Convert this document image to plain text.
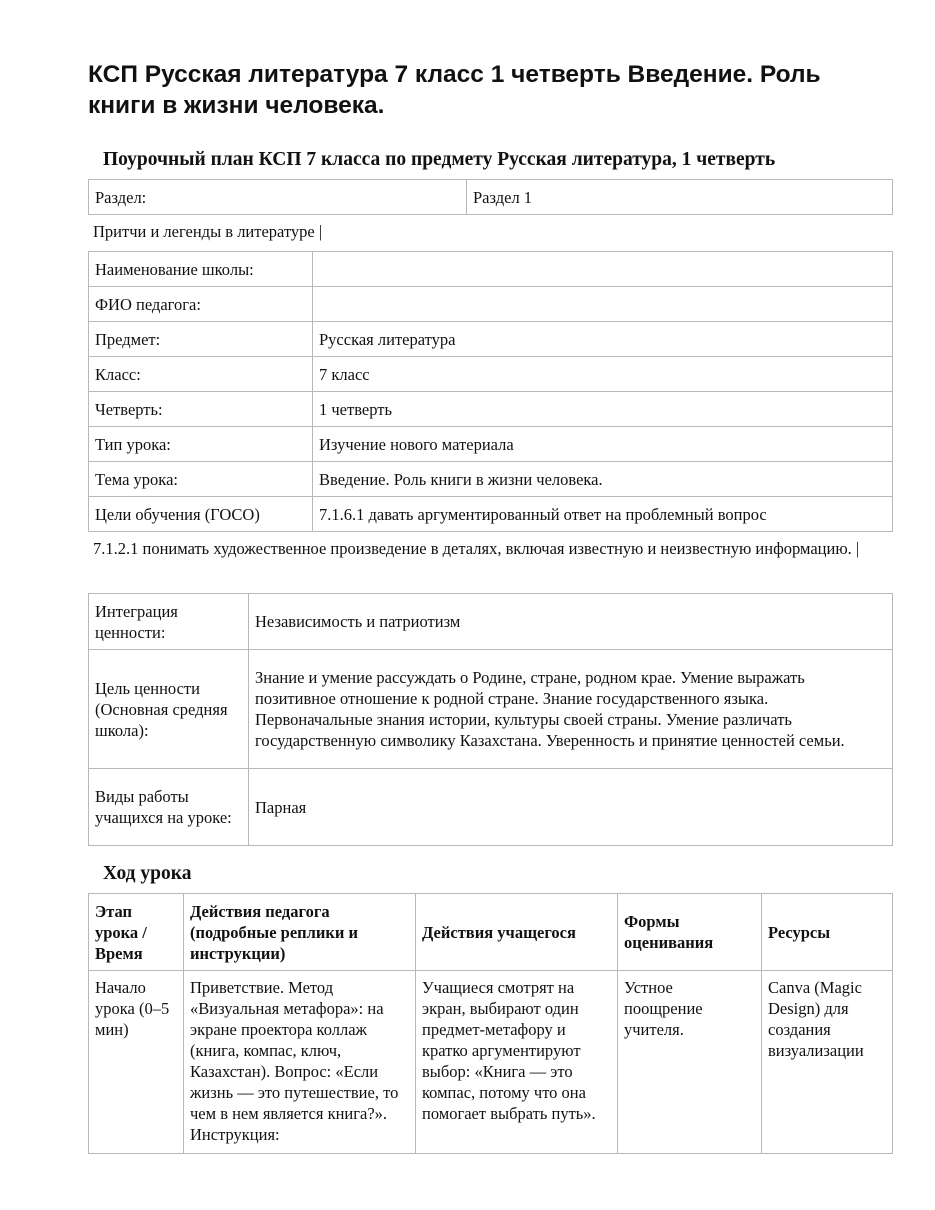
КСП Русская литература 7 класс 1 четверть Введение. Роль книги в жизни человека.
Поурочный план КСП 7 класса по предмету Русская литература, 1 четверть
Раздел:	Раздел 1
Притчи и легенды в литературе |
Наименование школы:	
ФИО педагога:	
Предмет:	Русская литература
Класс:	7 класс
Четверть:	1 четверть
Тип урока:	Изучение нового материала
Тема урока:	Введение. Роль книги в жизни человека.
Цели обучения (ГОСО)	7.1.6.1 давать аргументированный ответ на проблемный вопрос
7.1.2.1 понимать художественное произведение в деталях, включая известную и неизвестную информацию. |
Интеграция ценности:	Независимость и патриотизм
Цель ценности (Основная средняя школа):	Знание и умение рассуждать о Родине, стране, родном крае. Умение выражать позитивное отношение к родной стране. Знание государственного языка. Первоначальные знания истории, культуры своей страны. Умение различать государственную символику Казахстана. Уверенность и принятие ценностей семьи.
Виды работы учащихся на уроке:	Парная
Ход урока
Этап урока / Время	Действия педагога (подробные реплики и инструкции)	Действия учащегося	Формы оценивания	Ресурсы
Начало урока (0–5 мин)	Приветствие. Метод «Визуальная метафора»: на экране проектора коллаж (книга, компас, ключ, Казахстан). Вопрос: «Если жизнь — это путешествие, то чем в нем является книга?». Инструкция:	Учащиеся смотрят на экран, выбирают один предмет-метафору и кратко аргументируют выбор: «Книга — это компас, потому что она помогает выбрать путь».	Устное поощрение учителя.	Canva (Magic Design) для создания визуализации
